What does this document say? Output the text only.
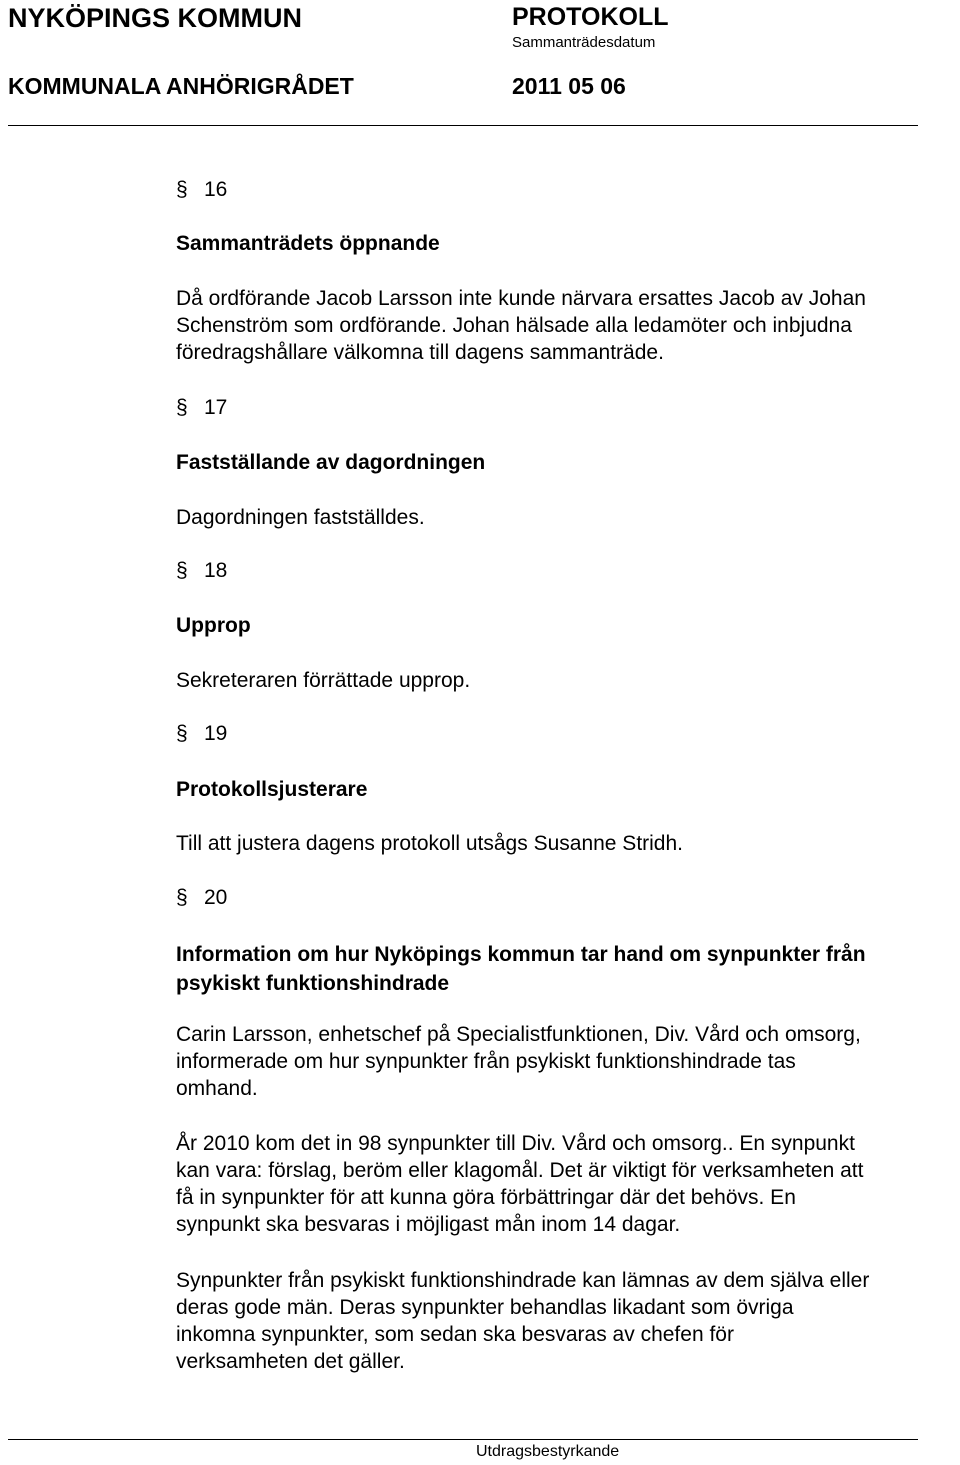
NYKÖPINGS KOMMUN	PROTOKOLL
Sammanträdesdatum
KOMMUNALA ANHÖRIGRÅDET	2011 05 06
§ 16
Sammanträdets öppnande
Då ordförande Jacob Larsson inte kunde närvara ersattes Jacob av Johan
Schenström som ordförande. Johan hälsade alla ledamöter och inbjudna
föredragshållare välkomna till dagens sammanträde.
§ 17
Fastställande av dagordningen
Dagordningen fastställdes.
§ 18
Upprop
Sekreteraren förrättade upprop.
§ 19
Protokollsjusterare
Till att justera dagens protokoll utsågs Susanne Stridh.
§ 20
Information om hur Nyköpings kommun tar hand om synpunkter från
psykiskt funktionshindrade
Carin Larsson, enhetschef på Specialistfunktionen, Div. Vård och omsorg,
informerade om hur synpunkter från psykiskt funktionshindrade tas
omhand.
År 2010 kom det in 98 synpunkter till Div. Vård och omsorg.. En synpunkt
kan vara: förslag, beröm eller klagomål. Det är viktigt för verksamheten att
få in synpunkter för att kunna göra förbättringar där det behövs. En
synpunkt ska besvaras i möjligast mån inom 14 dagar.
Synpunkter från psykiskt funktionshindrade kan lämnas av dem själva eller
deras gode män. Deras synpunkter behandlas likadant som övriga
inkomna synpunkter, som sedan ska besvaras av chefen för
verksamheten det gäller.
Utdragsbestyrkande
